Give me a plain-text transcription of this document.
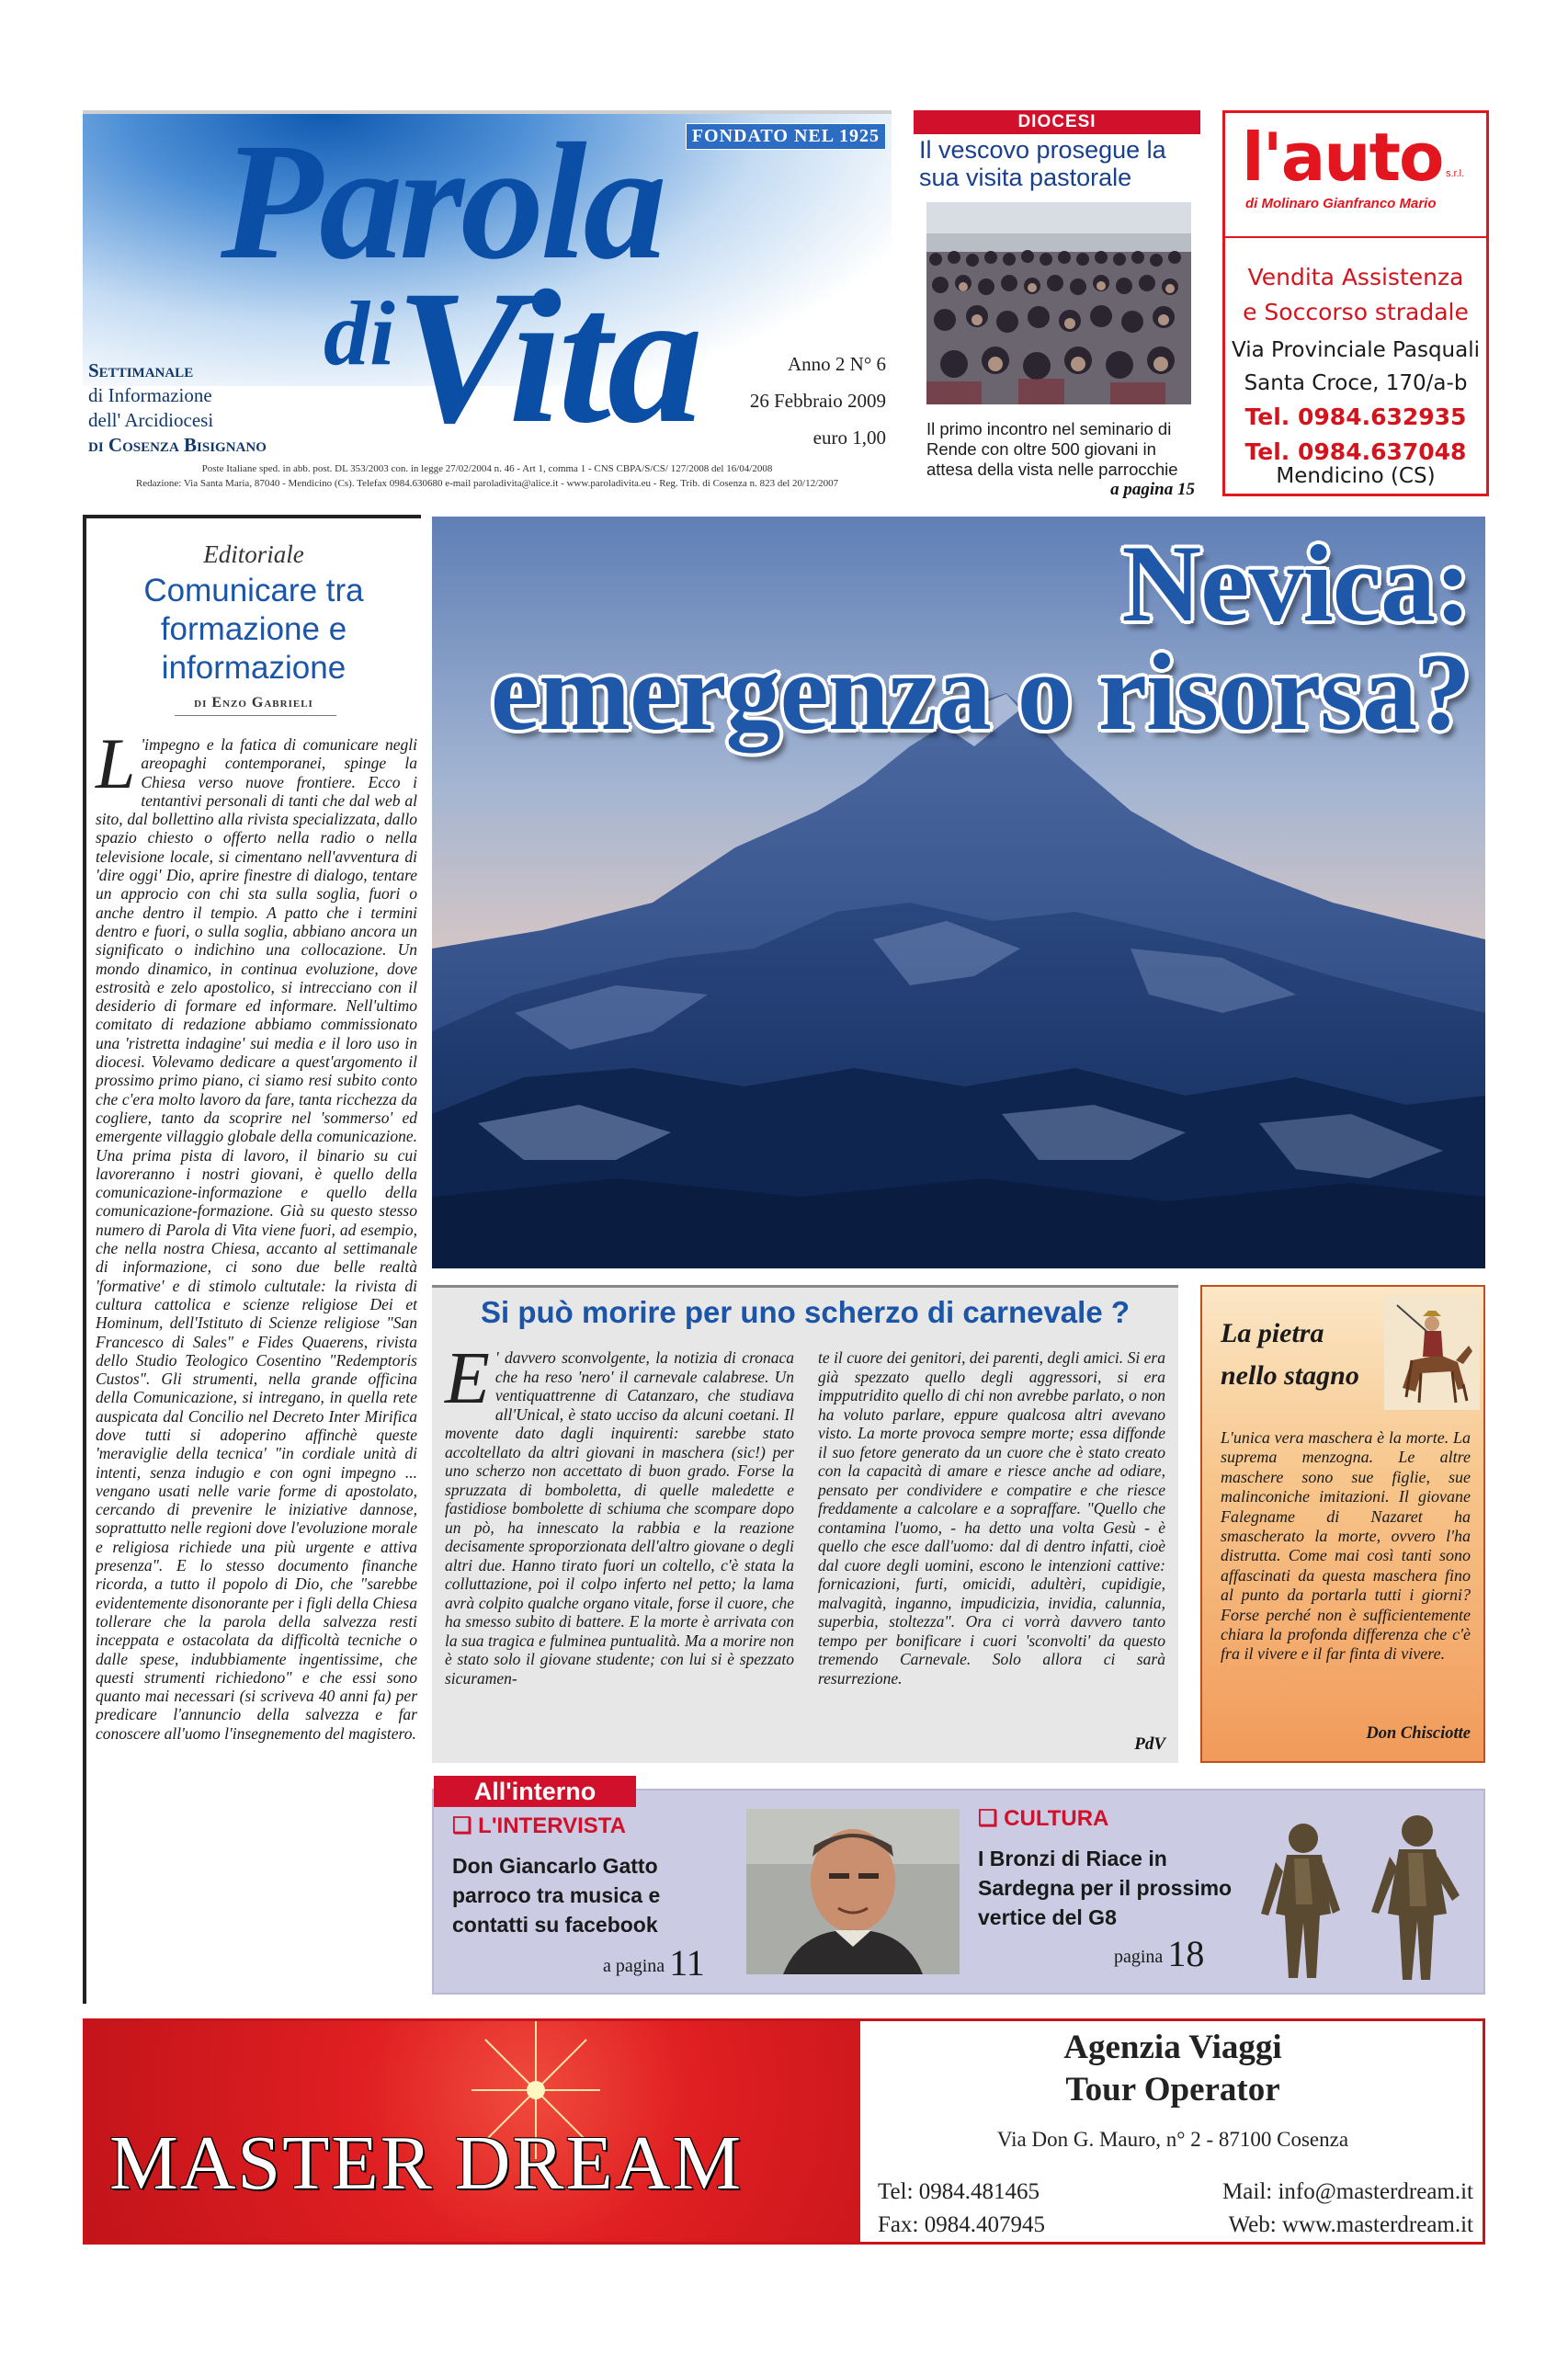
Parola
Vita
di
FONDATO NEL 1925
Settimanale
di Informazione
dell' Arcidiocesi
di Cosenza Bisignano
Anno 2 N° 6
26 Febbraio 2009
euro 1,00
Poste Italiane sped. in abb. post. DL 353/2003 con. in legge 27/02/2004 n. 46 - Art 1, comma 1 - CNS CBPA/S/CS/ 127/2008 del 16/04/2008
Redazione: Via Santa Maria, 87040 - Mendicino (Cs). Telefax 0984.630680 e-mail paroladivita@alice.it - www.paroladivita.eu - Reg. Trib. di Cosenza n. 823 del 20/12/2007
DIOCESI
Il vescovo prosegue la sua visita pastorale
Il primo incontro nel seminario di Rende con oltre 500 giovani in attesa della vista nelle parrocchie
a pagina 15
l'auto s.r.l.
di Molinaro Gianfranco Mario
Vendita Assistenza
e Soccorso stradale
Via Provinciale Pasquali
Santa Croce, 170/a-b
Tel. 0984.632935
Tel. 0984.637048
Mendicino (CS)
Editoriale
Comunicare tra formazione e informazione
di Enzo Gabrieli
L 'impegno e la fatica di comunicare negli areopaghi contemporanei, spinge la Chiesa verso nuove frontiere. Ecco i tentantivi personali di tanti che dal web al sito, dal bollettino alla rivista specializzata, dallo spazio chiesto o offerto nella radio o nella televisione locale, si cimentano nell'avventura di 'dire oggi' Dio, aprire finestre di dialogo, tentare un approcio con chi sta sulla soglia, fuori o anche dentro il tempio. A patto che i termini dentro e fuori, o sulla soglia, abbiano ancora un significato o indichino una collocazione. Un mondo dinamico, in continua evoluzione, dove estrosità e zelo apostolico, si intrecciano con il desiderio di formare ed informare. Nell'ultimo comitato di redazione abbiamo commissionato una 'ristretta indagine' sui media e il loro uso in diocesi. Volevamo dedicare a quest'argomento il prossimo primo piano, ci siamo resi subito conto che c'era molto lavoro da fare, tanta ricchezza da cogliere, tanto da scoprire nel 'sommerso' ed emergente villaggio globale della comunicazione. Una prima pista di lavoro, il binario su cui lavoreranno i nostri giovani, è quello della comunicazione-informazione e quello della comunicazione-formazione. Già su questo stesso numero di Parola di Vita viene fuori, ad esempio, che nella nostra Chiesa, accanto al settimanale di informazione, ci sono due belle realtà 'formative' e di stimolo cultutale: la rivista di cultura cattolica e scienze religiose Dei et Hominum, dell'Istituto di Scienze religiose "San Francesco di Sales" e Fides Quaerens, rivista dello Studio Teologico Cosentino "Redemptoris Custos". Gli strumenti, nella grande officina della Comunicazione, si intregano, in quella rete auspicata dal Concilio nel Decreto Inter Mirifica dove tutti si adoperino affinchè queste 'meraviglie della tecnica' "in cordiale unità di intenti, senza indugio e con ogni impegno ... vengano usati nelle varie forme di apostolato, cercando di prevenire le iniziative dannose, soprattutto nelle regioni dove l'evoluzione morale e religiosa richiede una più urgente e attiva presenza". E lo stesso documento finanche ricorda, a tutto il popolo di Dio, che "sarebbe evidentemente disonorante per i figli della Chiesa tollerare che la parola della salvezza resti inceppata e ostacolata da difficoltà tecniche o dalle spese, indubbiamente ingentissime, che questi strumenti richiedono" e che essi sono quanto mai necessari (si scriveva 40 anni fa) per predicare l'annuncio della salvezza e far conoscere all'uomo l'insegnemento del magistero.
Nevica:
emergenza o risorsa?
Si può morire per uno scherzo di carnevale ?
E ' davvero sconvolgente, la notizia di cronaca che ha reso 'nero' il carnevale calabrese. Un ventiquattrenne di Catanzaro, che studiava all'Unical, è stato ucciso da alcuni coetani. Il movente dato dagli inquirenti: sarebbe stato accoltellato da altri giovani in maschera (sic!) per uno scherzo non accettato di buon grado. Forse la spruzzata di bomboletta, di quelle maledette e fastidiose bombolette di schiuma che scompare dopo un pò, ha innescato la rabbia e la reazione decisamente sproporzionata dell'altro giovane o degli altri due. Hanno tirato fuori un coltello, c'è stata la colluttazione, poi il colpo inferto nel petto; la lama avrà colpito qualche organo vitale, forse il cuore, che ha smesso subito di battere. E la morte è arrivata con la sua tragica e fulminea puntualità. Ma a morire non è stato solo il giovane studente; con lui si è spezzato sicuramen-
te il cuore dei genitori, dei parenti, degli amici. Si era già spezzato quello degli aggressori, si era impputridito quello di chi non avrebbe parlato, o non ha voluto parlare, eppure qualcosa altri avevano visto. La morte provoca sempre morte; essa diffonde il suo fetore generato da un cuore che è stato creato con la capacità di amare e riesce anche ad odiare, pensato per condividere e compatire e che riesce freddamente a calcolare e a sopraffare. "Quello che contamina l'uomo, - ha detto una volta Gesù - è quello che esce dall'uomo: dal di dentro infatti, cioè dal cuore degli uomini, escono le intenzioni cattive: fornicazioni, furti, omicidi, adultèri, cupidigie, malvagità, inganno, impudicizia, invidia, calunnia, superbia, stoltezza". Ora ci vorrà davvero tanto tempo per bonificare i cuori 'sconvolti' da questo tremendo Carnevale. Solo allora ci sarà resurrezione.
PdV
La pietra nello stagno
L'unica vera maschera è la morte. La suprema menzogna. Le altre maschere sono sue figlie, sue malinconiche imitazioni. Il giovane Falegname di Nazaret ha smascherato la morte, ovvero l'ha distrutta. Come mai così tanti sono affascinati da questa maschera fino al punto da portarla tutti i giorni? Forse perché non è sufficientemente chiara la profonda differenza che c'è fra il vivere e il far finta di vivere.
Don Chisciotte
All'interno
❑ L'INTERVISTA
Don Giancarlo Gatto parroco tra musica e contatti su facebook
a pagina 11
❑ CULTURA
I Bronzi di Riace in Sardegna per il prossimo vertice del G8
pagina 18
MASTER DREAM
Agenzia Viaggi
Tour Operator
Via Don G. Mauro, n° 2 - 87100 Cosenza
Tel: 0984.481465
Fax: 0984.407945
Mail: info@masterdream.it
Web: www.masterdream.it
